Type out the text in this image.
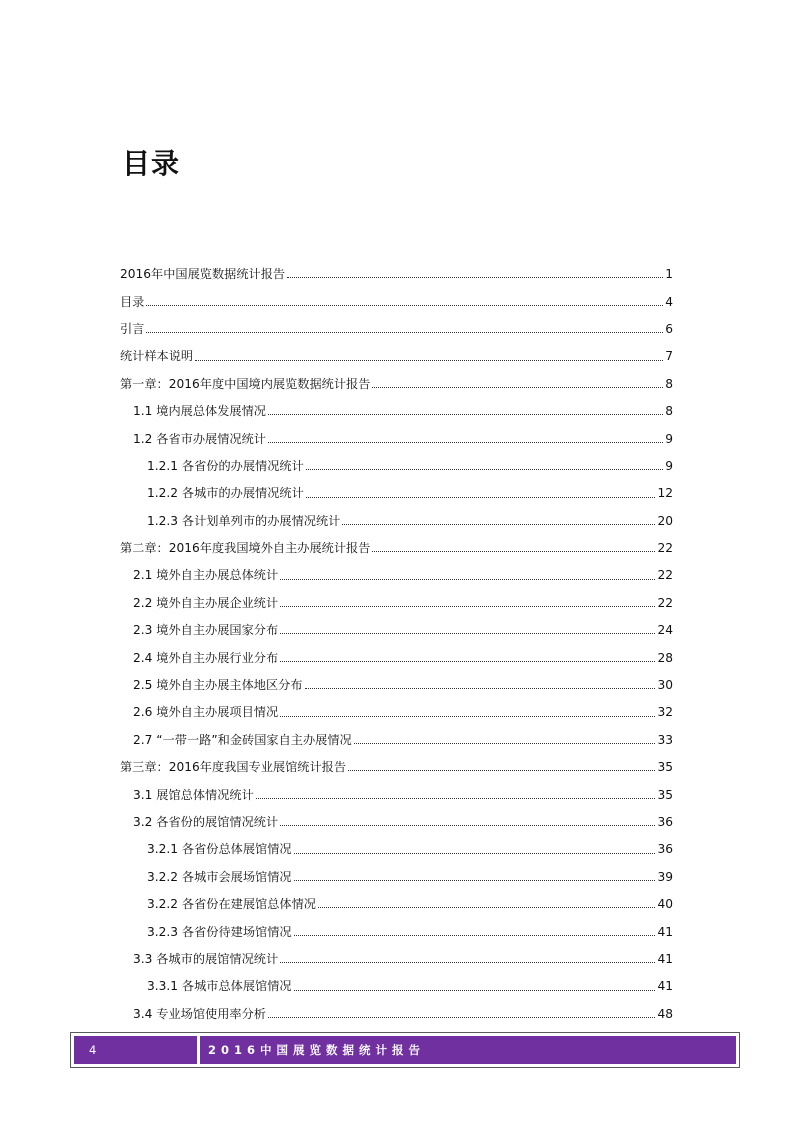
目录
2016年中国展览数据统计报告	1
目录	4
引言	6
统计样本说明	7
第一章：2016年度中国境内展览数据统计报告	8
1.1 境内展总体发展情况	8
1.2 各省市办展情况统计	9
1.2.1 各省份的办展情况统计	9
1.2.2 各城市的办展情况统计	12
1.2.3 各计划单列市的办展情况统计	20
第二章：2016年度我国境外自主办展统计报告	22
2.1 境外自主办展总体统计	22
2.2 境外自主办展企业统计	22
2.3 境外自主办展国家分布	24
2.4 境外自主办展行业分布	28
2.5 境外自主办展主体地区分布	30
2.6 境外自主办展项目情况	32
2.7 “一带一路”和金砖国家自主办展情况	33
第三章：2016年度我国专业展馆统计报告	35
3.1 展馆总体情况统计	35
3.2 各省份的展馆情况统计	36
3.2.1 各省份总体展馆情况	36
3.2.2 各城市会展场馆情况	39
3.2.2 各省份在建展馆总体情况	40
3.2.3 各省份待建场馆情况	41
3.3 各城市的展馆情况统计	41
3.3.1 各城市总体展馆情况	41
3.4 专业场馆使用率分析	48
4	2016中国展览数据统计报告
